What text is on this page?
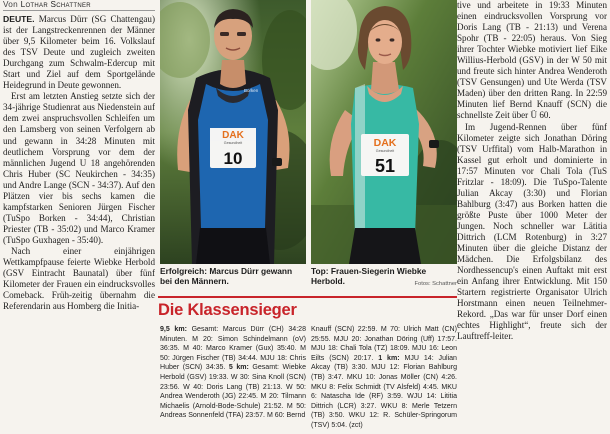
Von Lothar Schattner

DEUTE. Marcus Dürr (SG Chattengau) ist der Langstreckenrennen der Männer über 9,5 Kilometer beim 16. Volkslauf des TSV Deute und zugleich zweiten Durchgang zum Schwalm-Edercup mit Start und Ziel auf dem Sportgelände Heidegrund in Deute gewonnen.

Erst am letzten Anstieg setzte sich der 34-jährige Studienrat aus Niedenstein auf dem zwei anspruchsvollen Schleifen um den Lamsberg von seinen Verfolgern ab und gewann in 34:28 Minuten mit deutlichem Vorsprung vor dem der männlichen Jugend U 18 angehörenden Chris Huber (SC Neukirchen - 34:35) und Andre Lange (SCN - 34:37). Auf den Plätzen vier bis sechs kamen die kampfstarken Senioren Jürgen Fischer (TuSpo Borken - 34:44), Christian Priester (TB - 35:02) und Marco Kramer (TuSpo Guxhagen - 35:40).

Nach einer einjährigen Wettkampfpause feierte Wiebke Herbold (GSV Eintracht Baunatal) über fünf Kilometer der Frauen ein eindrucksvolles Comeback. Früh-zeitig übernahm die Referendarin aus Homberg die Initia-

Borken
DAK
Gesundheit
10
DAK
Gesundheit
51
Erfolgreich: Marcus Dürr gewann bei den Männern.
Top: Frauen-Siegerin Wiebke Herbold.	Fotos: Schattner
Die Klassensieger
9,5 km: Gesamt: Marcus Dürr (CH) 34:28 Minuten. M 20: Simon Schindelmann (oV) 36:35. M 40: Marco Kramer (Gux) 35:40. M 50: Jürgen Fischer (TB) 34:44. MJU 18: Chris Huber (SCN) 34:35. 5 km: Gesamt: Wiebke Herbold (GSV) 19:33. W 30: Sina Knoll (SCN) 23:56. W 40: Doris Lang (TB) 21:13. W 50: Andrea Wenderoth (JG) 22:45. M 20: Tilmann Michaelis (Arnold-Bode-Schule) 21:52. M 50: Andreas Sonnenfeld (TFA) 23:57. M 60: Bernd
Knauff (SCN) 22:59. M 70: Ulrich Matt (CN) 25:55. MJU 20: Jonathan Döring (Uff) 17:57. MJU 18: Chali Tola (TZ) 18:09. MJU 16: Leon Eilts (SCN) 20:17. 1 km: MJU 14: Julian Akcay (TB) 3:30. MJU 12: Florian Bahlburg (TB) 3:47. MKU 10: Jonas Möller (CN) 4:26. MKU 8: Felix Schmidt (TV Alsfeld) 4:45. MKU 6: Natascha Ide (RF) 3:59. WJU 14: Lititia Dittrich (LCR) 3:27. WKU 8: Merle Tetzern (TB) 3:50. WKU 12: R. Schüler-Springorum (TSV) 5:04. (zct)

tive und arbeitete in 19:33 Minuten einen eindrucksvollen Vorsprung vor Doris Lang (TB - 21:13) und Verena Spohr (TB - 22:05) heraus. Von Sieg ihrer Tochter Wiebke motiviert lief Eike Willius-Herbold (GSV) in der W 50 mit und freute sich hinter Andrea Wenderoth (TSV Gensungen) und Ute Werda (TSV Maden) über den dritten Rang. In 22:59 Minuten lief Bernd Knauff (SCN) die schnellste Zeit über Ü 60.

Im Jugend-Rennen über fünf Kilometer zeigte sich Jonathan Döring (TSV Urffital) vom Halb-Marathon in Kassel gut erholt und dominierte in 17:57 Minuten vor Chali Tola (TuS Fritzlar - 18:09). Die TuSpo-Talente Julian Akcay (3:30) und Florian Bahlburg (3:47) aus Borken hatten die größte Puste über 1000 Meter der Jungen. Noch schneller war Lätitia Dittrich (LCM Rotenburg) in 3:27 Minuten über die gleiche Distanz der Mädchen. Die Erfolgsbilanz des Nordhessencup's einen Auftakt mit erst ein Anfang ihrer Entwicklung. Mit 150 Startern registrierte Organisator Ulrich Horstmann einen neuen Teilnehmer-Rekord. „Das war für unser Dorf einen echtes Highlight“, freute sich der Lauftreff-leiter.
